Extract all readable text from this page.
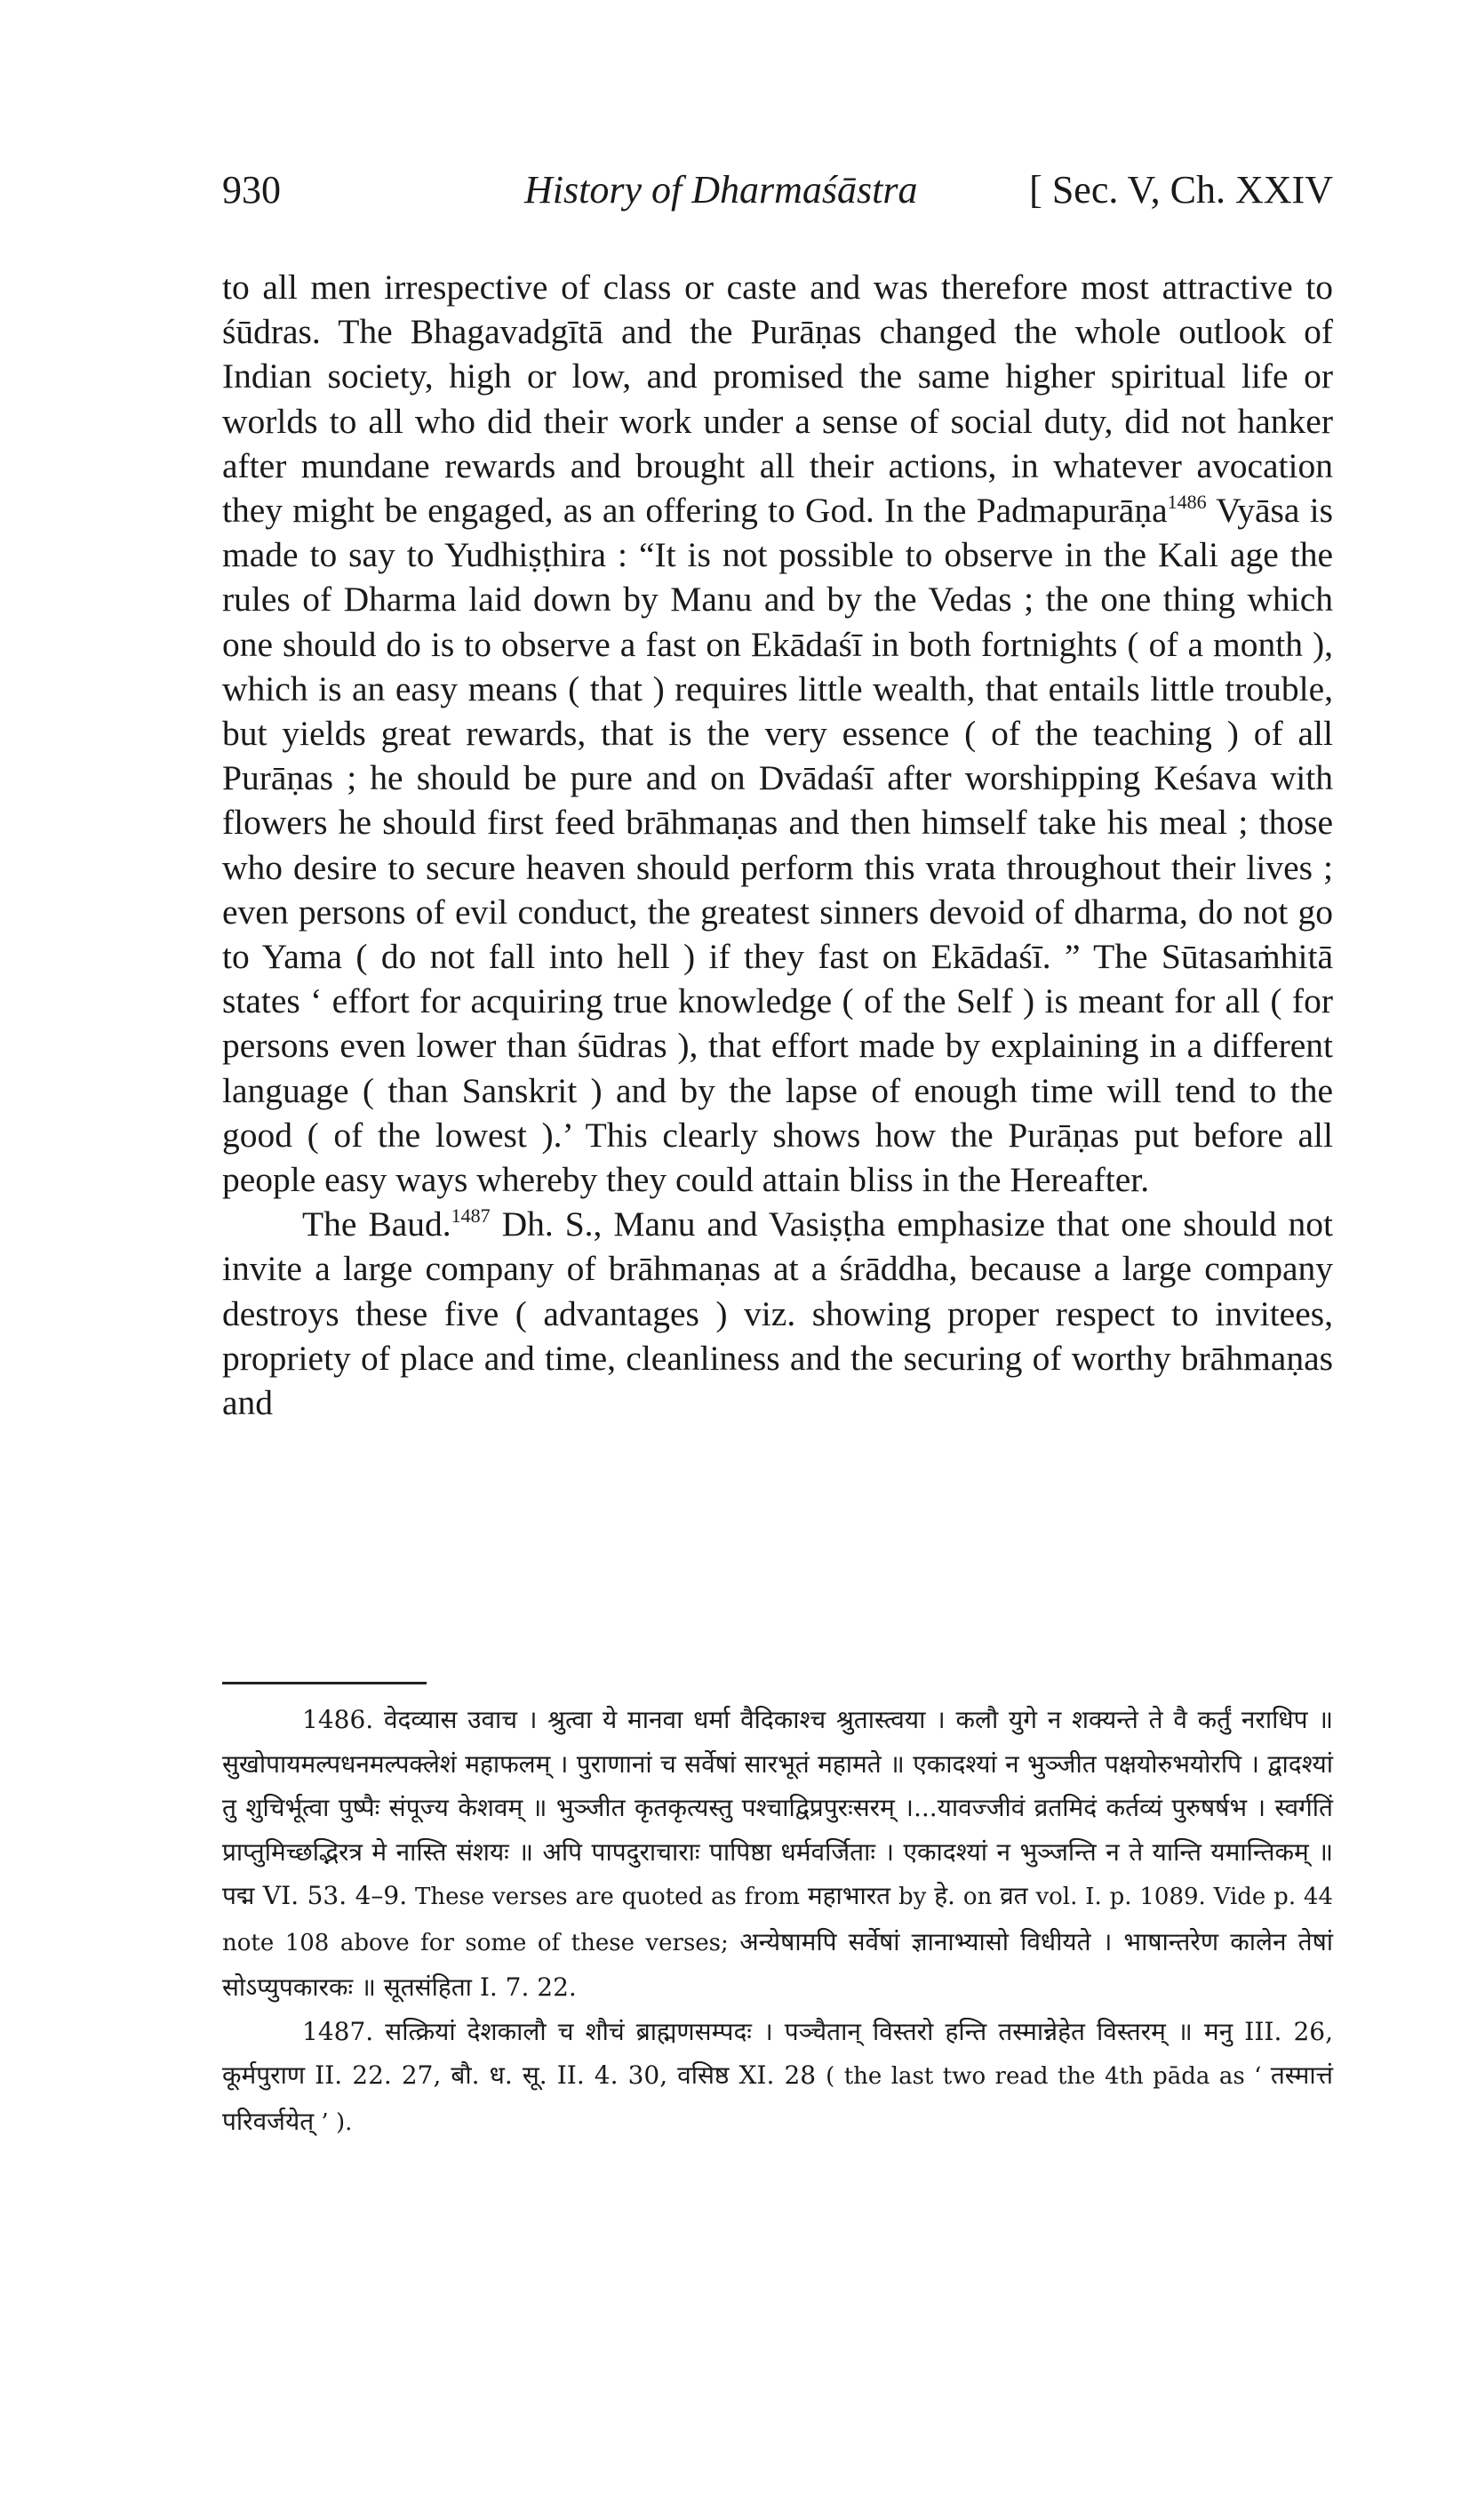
930	History of Dharmaśāstra	[ Sec. V, Ch. XXIV

to all men irrespective of class or caste and was therefore most attractive to śūdras. The Bhagavadgītā and the Purāṇas changed the whole outlook of Indian society, high or low, and promised the same higher spiritual life or worlds to all who did their work under a sense of social duty, did not hanker after mundane rewards and brought all their actions, in whatever avocation they might be engaged, as an offering to God. In the Padmapurāṇa$^{1486}$ Vyāsa is made to say to Yudhiṣṭhira : “It is not possible to observe in the Kali age the rules of Dharma laid down by Manu and by the Vedas ; the one thing which one should do is to observe a fast on Ekādaśī in both fortnights ( of a month ), which is an easy means ( that ) requires little wealth, that entails little trouble, but yields great rewards, that is the very essence ( of the teaching ) of all Purāṇas ; he should be pure and on Dvādaśī after worshipping Keśava with flowers he should first feed brāhmaṇas and then himself take his meal ; those who desire to secure heaven should perform this vrata throughout their lives ; even persons of evil conduct, the greatest sinners devoid of dharma, do not go to Yama ( do not fall into hell ) if they fast on Ekādaśī. ” The Sūtasaṁhitā states ‘ effort for acquiring true knowledge ( of the Self ) is meant for all ( for persons even lower than śūdras ), that effort made by explaining in a different language ( than Sanskrit ) and by the lapse of enough time will tend to the good ( of the lowest ).’ This clearly shows how the Purāṇas put before all people easy ways whereby they could attain bliss in the Hereafter.

The Baud.$^{1487}$ Dh. S., Manu and Vasiṣṭha emphasize that one should not invite a large company of brāhmaṇas at a śrāddha, because a large company destroys these five ( advantages ) viz. showing proper respect to invitees, propriety of place and time, cleanliness and the securing of worthy brāhmaṇas and

1486. वेदव्यास उवाच । श्रुत्वा ये मानवा धर्मा वैदिकाश्च श्रुतास्त्वया । कलौ युगे न शक्यन्ते ते वै कर्तुं नराधिप ॥ सुखोपायमल्पधनमल्पक्लेशं महाफलम् । पुराणानां च सर्वेषां सारभूतं महामते ॥ एकादश्यां न भुञ्जीत पक्षयोरुभयोरपि । द्वादश्यां तु शुचिर्भूत्वा पुष्पैः संपूज्य केशवम् ॥ भुञ्जीत कृतकृत्यस्तु पश्चाद्विप्रपुरःसरम् ।...यावज्जीवं व्रतमिदं कर्तव्यं पुरुषर्षभ । स्वर्गतिं प्राप्तुमिच्छद्भिरत्र मे नास्ति संशयः ॥ अपि पापदुराचाराः पापिष्ठा धर्मवर्जिताः । एकादश्यां न भुञ्जन्ति न ते यान्ति यमान्तिकम् ॥ पद्म VI. 53. 4–9. These verses are quoted as from महाभारत by हे. on व्रत vol. I. p. 1089. Vide p. 44 note 108 above for some of these verses; अन्येषामपि सर्वेषां ज्ञानाभ्यासो विधीयते । भाषान्तरेण कालेन तेषां सोऽप्युपकारकः ॥ सूतसंहिता I. 7. 22.

1487. सत्क्रियां देशकालौ च शौचं ब्राह्मणसम्पदः । पञ्चैतान् विस्तरो हन्ति तस्मान्नेहेत विस्तरम् ॥ मनु III. 26, कूर्मपुराण II. 22. 27, बौ. ध. सू. II. 4. 30, वसिष्ठ XI. 28 ( the last two read the 4th pāda as ‘ तस्मात्तं परिवर्जयेत् ’ ).
